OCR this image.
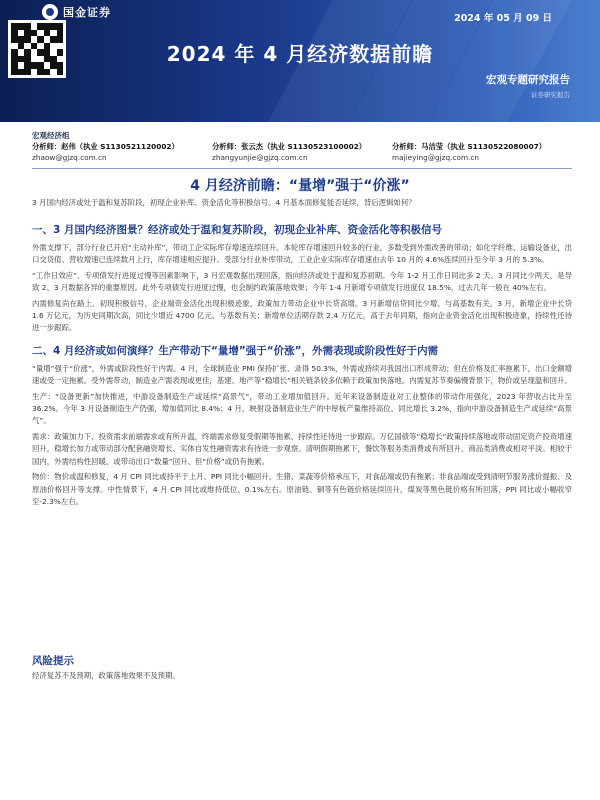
国金证券	2024 年 05 月 09 日
2024 年 4 月经济数据前瞻
宏观专题研究报告
证券研究报告
宏观经济组
分析师：赵伟（执业 S1130521120002）
zhaow@gjzq.com.cn
分析师：张云杰（执业 S1130523100002）
zhangyunjie@gjzq.com.cn
分析师：马洁莹（执业 S1130522080007）
majieying@gjzq.com.cn
4 月经济前瞻：“量增”强于“价涨”
3 月国内经济或处于温和复苏阶段，初现企业补库、资金活化等积极信号。4 月基本面修复能否延续，背后逻辑如何？
一、3 月国内经济图景？经济或处于温和复苏阶段，初现企业补库、资金活化等积极信号

外需支撑下，部分行业已开启“主动补库”，带动工企实际库存增速连续回升。本轮库存增速回升较多的行业，多数受到外需改善的带动；如化学纤维、运输设备业，出口交货值、营收增速已连续数月上行，库存增速相应提升。受部分行业补库带动，工业企业实际库存增速由去年 10 月的 4.6%连续回升至今年 3 月的 5.3%。

“工作日效应”、专项债发行进度过慢等因素影响下，3 月宏观数据出现回落，指向经济或处于温和复苏初期。今年 1-2 月工作日同比多 2 天、3 月同比少两天，是导致 2、3 月数据各异的重要原因。此外专项债发行进度过慢，也会制约政策落地效果；今年 1-4 月新增专项债发行进度仅 18.5%，过去几年一般在 40%左右。

内需修复尚在路上、初现积极信号，企业端资金活化出现积极迹象，政策加力带动企业中长贷高增。3 月新增信贷同比少增、与高基数有关。3 月，新增企业中长贷 1.6 万亿元，为历史同期次高，同比少增近 4700 亿元、与基数有关；新增单位活期存款 2.4 万亿元，高于去年同期，指向企业资金活化出现积极迹象，持续性还待进一步跟踪。

二、4 月经济或如何演绎？生产带动下“量增”强于“价涨”，外需表现或阶段性好于内需

“量增”强于“价涨”，外需或阶段性好于内需。4 月，全球制造业 PMI 保持扩张、录得 50.3%，外需或持续对我国出口形成带动；但在价格及汇率拖累下，出口金额增速或受一定拖累。受外需带动，制造业产需表现或更佳，基建、地产等“稳增长”相关链条较多依赖于政策加快落地。内需复苏节奏偏慢背景下，物价或呈现温和回升。

生产：“设备更新”加快推进，中游设备制造生产或延续“高景气”，带动工业增加值回升。近年来设备制造业对工业整体的带动作用强化，2023 年营收占比升至 36.2%。今年 3 月设备制造生产仍强，增加值同比 8.4%；4 月，映射设备制造业生产的中厚板产量维持高位、同比增长 3.2%，指向中游设备制造生产或延续“高景气”。

需求：政策加力下、投资需求前端需求或有所升温，终端需求修复受假期等拖累、持续性还待进一步跟踪。万亿国债等“稳增长”政策持续落地或带动固定资产投资增速回升，稳增长加力或带动部分配套融资增长、实体自发性融资需求有待进一步观察。清明假期拖累下，餐饮等服务类消费或有所回升，商品类消费或相对平淡。相较于国内，外需结构性回暖，或带动出口“数量”回升、但“价格”或仍有拖累。

物价：物价或温和修复，4 月 CPI 同比或持平于上月、PPI 同比小幅回升。生猪、菜蔬等价格承压下，对食品端或仍有拖累；非食品端或受到清明节服务涨价提振、及原油价格回升等支撑。中性情景下，4 月 CPI 同比或维持低位、0.1%左右。原油链、铜等有色链价格延续回升，煤炭等黑色链价格有所回落，PPI 同比或小幅收窄至-2.3%左右。

风险提示
经济复苏不及预期，政策落地效果不及预期。
